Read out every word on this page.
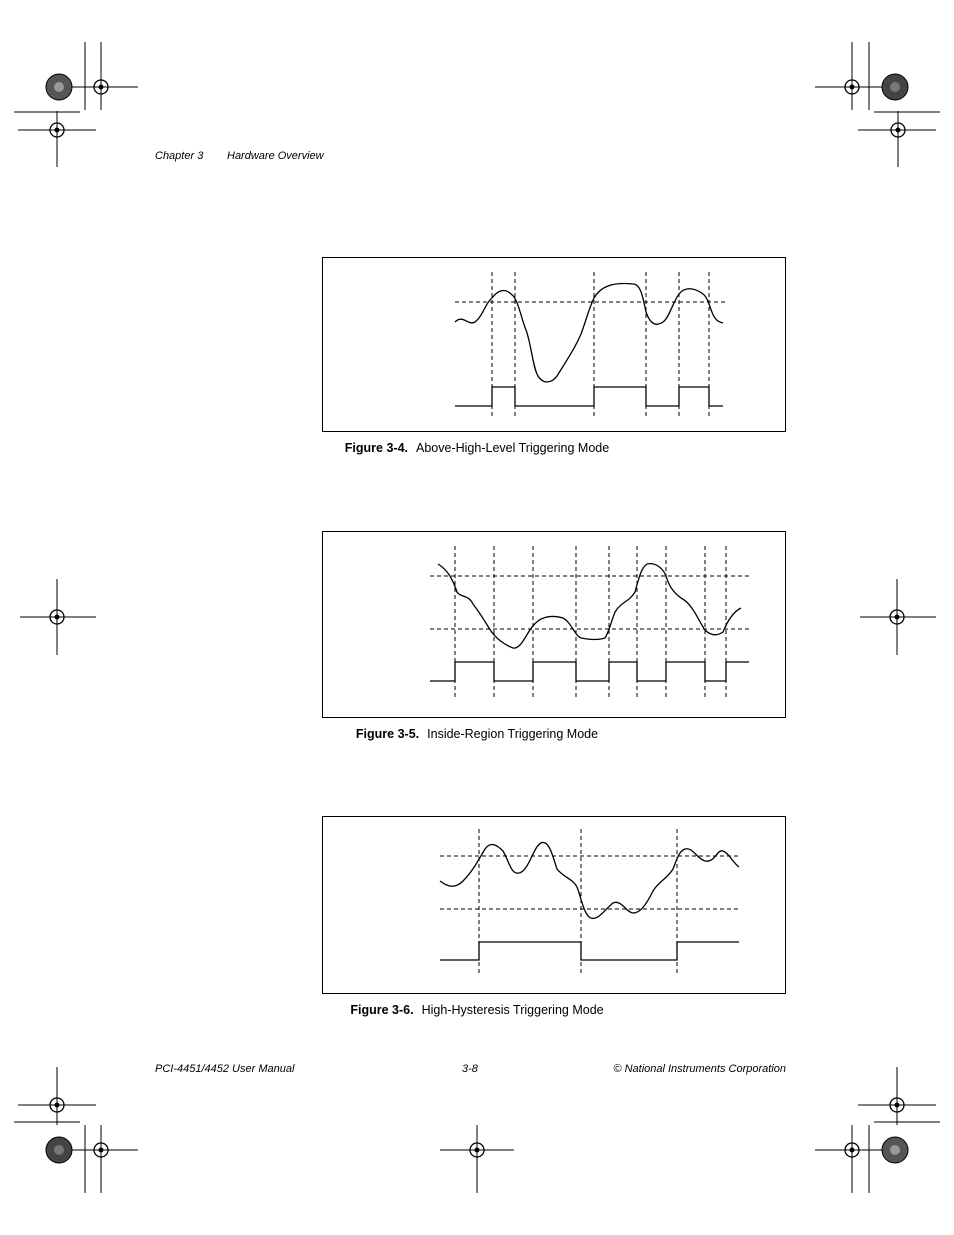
Chapter 3 Hardware Overview
Figure 3-4. Above-High-Level Triggering Mode
Figure 3-5. Inside-Region Triggering Mode
Figure 3-6. High-Hysteresis Triggering Mode
PCI-4451/4452 User Manual	3-8	© National Instruments Corporation
